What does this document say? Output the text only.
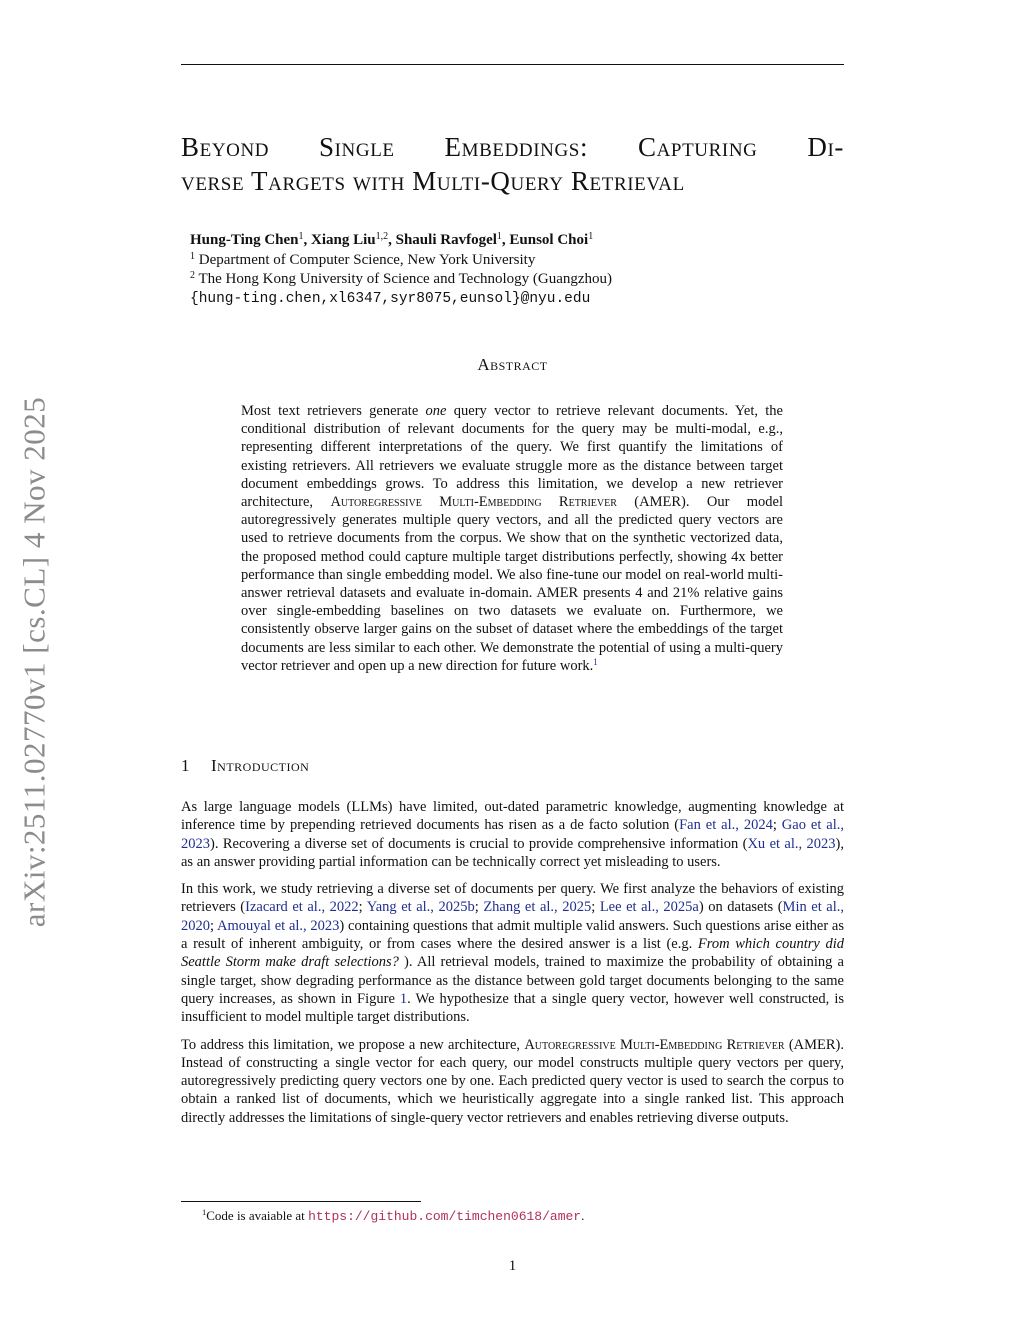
arXiv:2511.02770v1 [cs.CL] 4 Nov 2025
Beyond Single Embeddings: Capturing Di-
verse Targets with Multi-Query Retrieval
Hung-Ting Chen$^1$, Xiang Liu$^{1,2}$, Shauli Ravfogel$^1$, Eunsol Choi$^1$
$^1$ Department of Computer Science, New York University
$^2$ The Hong Kong University of Science and Technology (Guangzhou)
{hung-ting.chen,xl6347,syr8075,eunsol}@nyu.edu
Abstract
Most text retrievers generate one query vector to retrieve relevant documents. Yet, the conditional distribution of relevant documents for the query may be multi-modal, e.g., representing different interpretations of the query. We first quantify the limitations of existing retrievers. All retrievers we evaluate struggle more as the distance between target document embeddings grows. To address this limitation, we develop a new retriever architecture, Autoregressive Multi-Embedding Retriever (AMER). Our model autoregressively generates multiple query vectors, and all the predicted query vectors are used to retrieve documents from the corpus. We show that on the synthetic vectorized data, the proposed method could capture multiple target distributions perfectly, showing 4x better performance than single embedding model. We also fine-tune our model on real-world multi-answer retrieval datasets and evaluate in-domain. AMER presents 4 and 21% relative gains over single-embedding baselines on two datasets we evaluate on. Furthermore, we consistently observe larger gains on the subset of dataset where the embeddings of the target documents are less similar to each other. We demonstrate the potential of using a multi-query vector retriever and open up a new direction for future work.$^1$
1 Introduction

As large language models (LLMs) have limited, out-dated parametric knowledge, augmenting knowledge at inference time by prepending retrieved documents has risen as a de facto solution (Fan et al., 2024; Gao et al., 2023). Recovering a diverse set of documents is crucial to provide comprehensive information (Xu et al., 2023), as an answer providing partial information can be technically correct yet misleading to users.

In this work, we study retrieving a diverse set of documents per query. We first analyze the behaviors of existing retrievers (Izacard et al., 2022; Yang et al., 2025b; Zhang et al., 2025; Lee et al., 2025a) on datasets (Min et al., 2020; Amouyal et al., 2023) containing questions that admit multiple valid answers. Such questions arise either as a result of inherent ambiguity, or from cases where the desired answer is a list (e.g. From which country did Seattle Storm make draft selections? ). All retrieval models, trained to maximize the probability of obtaining a single target, show degrading performance as the distance between gold target documents belonging to the same query increases, as shown in Figure 1. We hypothesize that a single query vector, however well constructed, is insufficient to model multiple target distributions.

To address this limitation, we propose a new architecture, Autoregressive Multi-Embedding Retriever (AMER). Instead of constructing a single vector for each query, our model constructs multiple query vectors per query, autoregressively predicting query vectors one by one. Each predicted query vector is used to search the corpus to obtain a ranked list of documents, which we heuristically aggregate into a single ranked list. This approach directly addresses the limitations of single-query vector retrievers and enables retrieving diverse outputs.

$^1$Code is avaiable at https://github.com/timchen0618/amer.
1
